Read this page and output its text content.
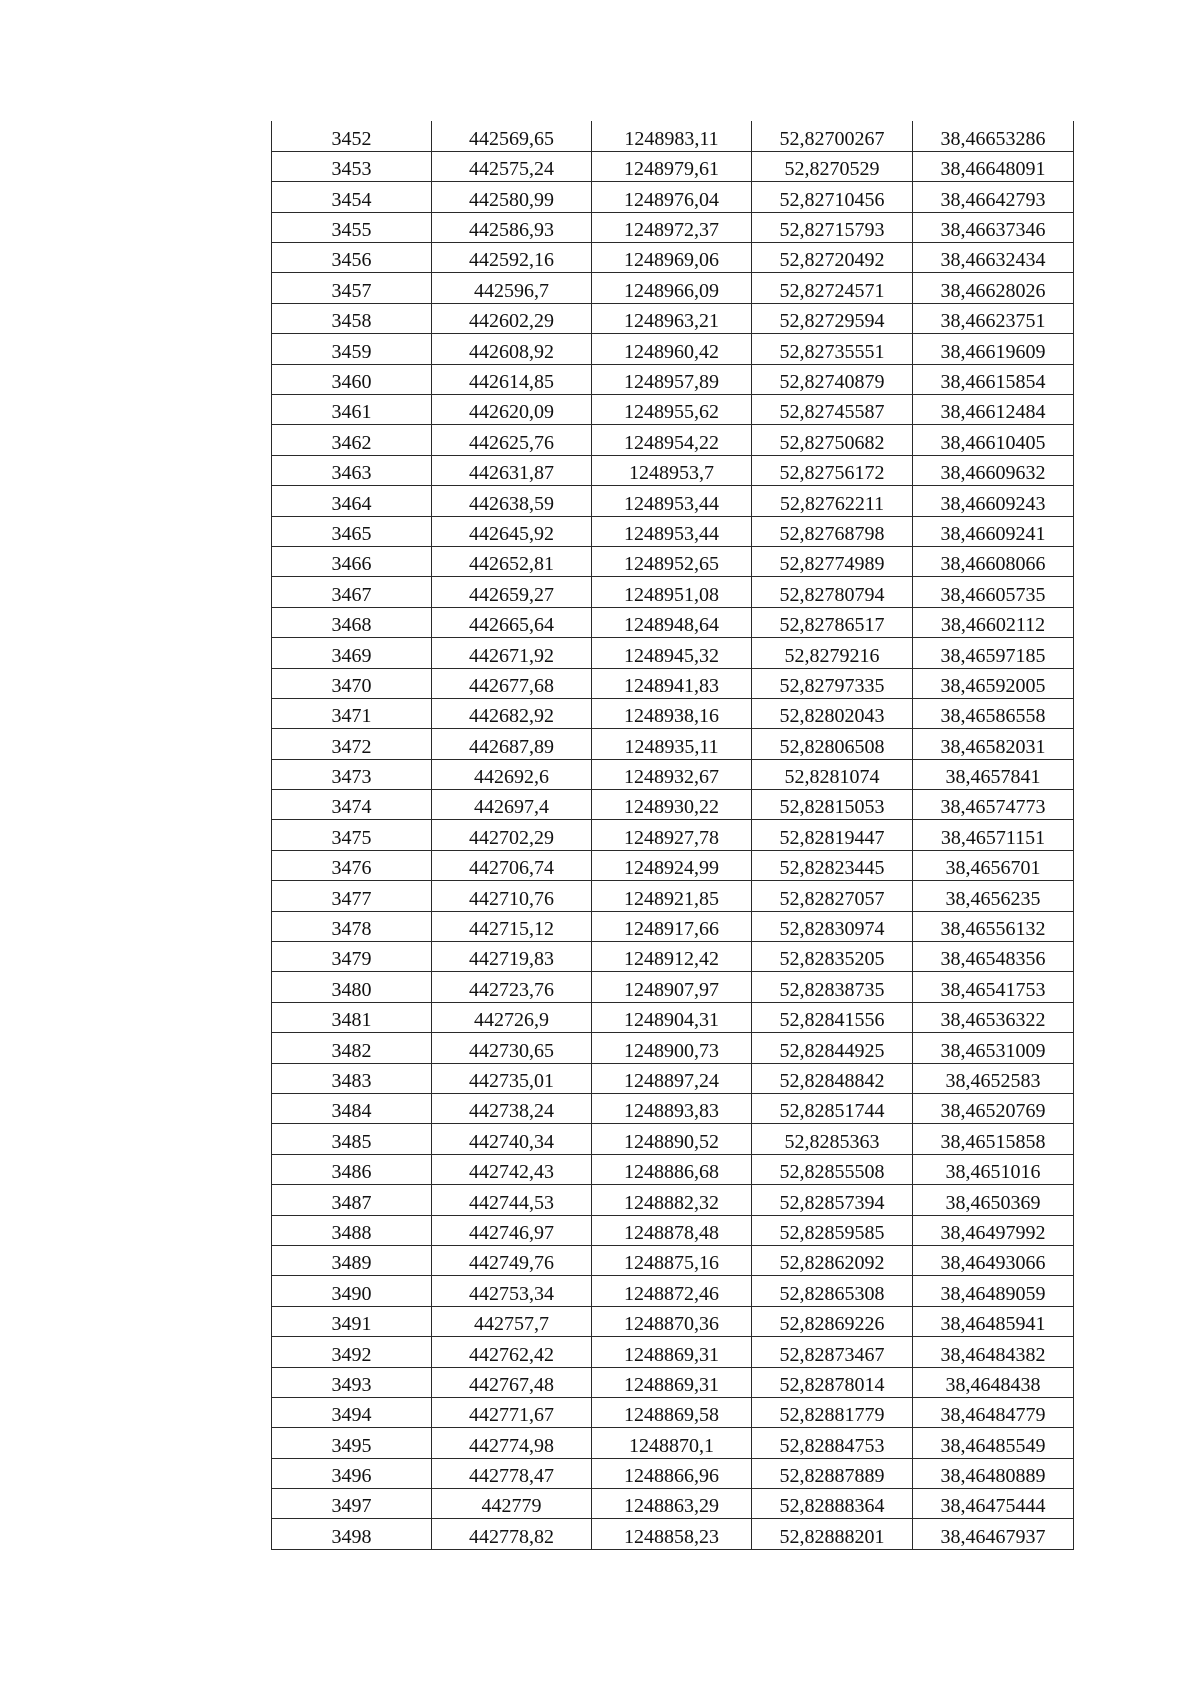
3452	442569,65	1248983,11	52,82700267	38,46653286
3453	442575,24	1248979,61	52,8270529	38,46648091
3454	442580,99	1248976,04	52,82710456	38,46642793
3455	442586,93	1248972,37	52,82715793	38,46637346
3456	442592,16	1248969,06	52,82720492	38,46632434
3457	442596,7	1248966,09	52,82724571	38,46628026
3458	442602,29	1248963,21	52,82729594	38,46623751
3459	442608,92	1248960,42	52,82735551	38,46619609
3460	442614,85	1248957,89	52,82740879	38,46615854
3461	442620,09	1248955,62	52,82745587	38,46612484
3462	442625,76	1248954,22	52,82750682	38,46610405
3463	442631,87	1248953,7	52,82756172	38,46609632
3464	442638,59	1248953,44	52,82762211	38,46609243
3465	442645,92	1248953,44	52,82768798	38,46609241
3466	442652,81	1248952,65	52,82774989	38,46608066
3467	442659,27	1248951,08	52,82780794	38,46605735
3468	442665,64	1248948,64	52,82786517	38,46602112
3469	442671,92	1248945,32	52,8279216	38,46597185
3470	442677,68	1248941,83	52,82797335	38,46592005
3471	442682,92	1248938,16	52,82802043	38,46586558
3472	442687,89	1248935,11	52,82806508	38,46582031
3473	442692,6	1248932,67	52,8281074	38,4657841
3474	442697,4	1248930,22	52,82815053	38,46574773
3475	442702,29	1248927,78	52,82819447	38,46571151
3476	442706,74	1248924,99	52,82823445	38,4656701
3477	442710,76	1248921,85	52,82827057	38,4656235
3478	442715,12	1248917,66	52,82830974	38,46556132
3479	442719,83	1248912,42	52,82835205	38,46548356
3480	442723,76	1248907,97	52,82838735	38,46541753
3481	442726,9	1248904,31	52,82841556	38,46536322
3482	442730,65	1248900,73	52,82844925	38,46531009
3483	442735,01	1248897,24	52,82848842	38,4652583
3484	442738,24	1248893,83	52,82851744	38,46520769
3485	442740,34	1248890,52	52,8285363	38,46515858
3486	442742,43	1248886,68	52,82855508	38,4651016
3487	442744,53	1248882,32	52,82857394	38,4650369
3488	442746,97	1248878,48	52,82859585	38,46497992
3489	442749,76	1248875,16	52,82862092	38,46493066
3490	442753,34	1248872,46	52,82865308	38,46489059
3491	442757,7	1248870,36	52,82869226	38,46485941
3492	442762,42	1248869,31	52,82873467	38,46484382
3493	442767,48	1248869,31	52,82878014	38,4648438
3494	442771,67	1248869,58	52,82881779	38,46484779
3495	442774,98	1248870,1	52,82884753	38,46485549
3496	442778,47	1248866,96	52,82887889	38,46480889
3497	442779	1248863,29	52,82888364	38,46475444
3498	442778,82	1248858,23	52,82888201	38,46467937
